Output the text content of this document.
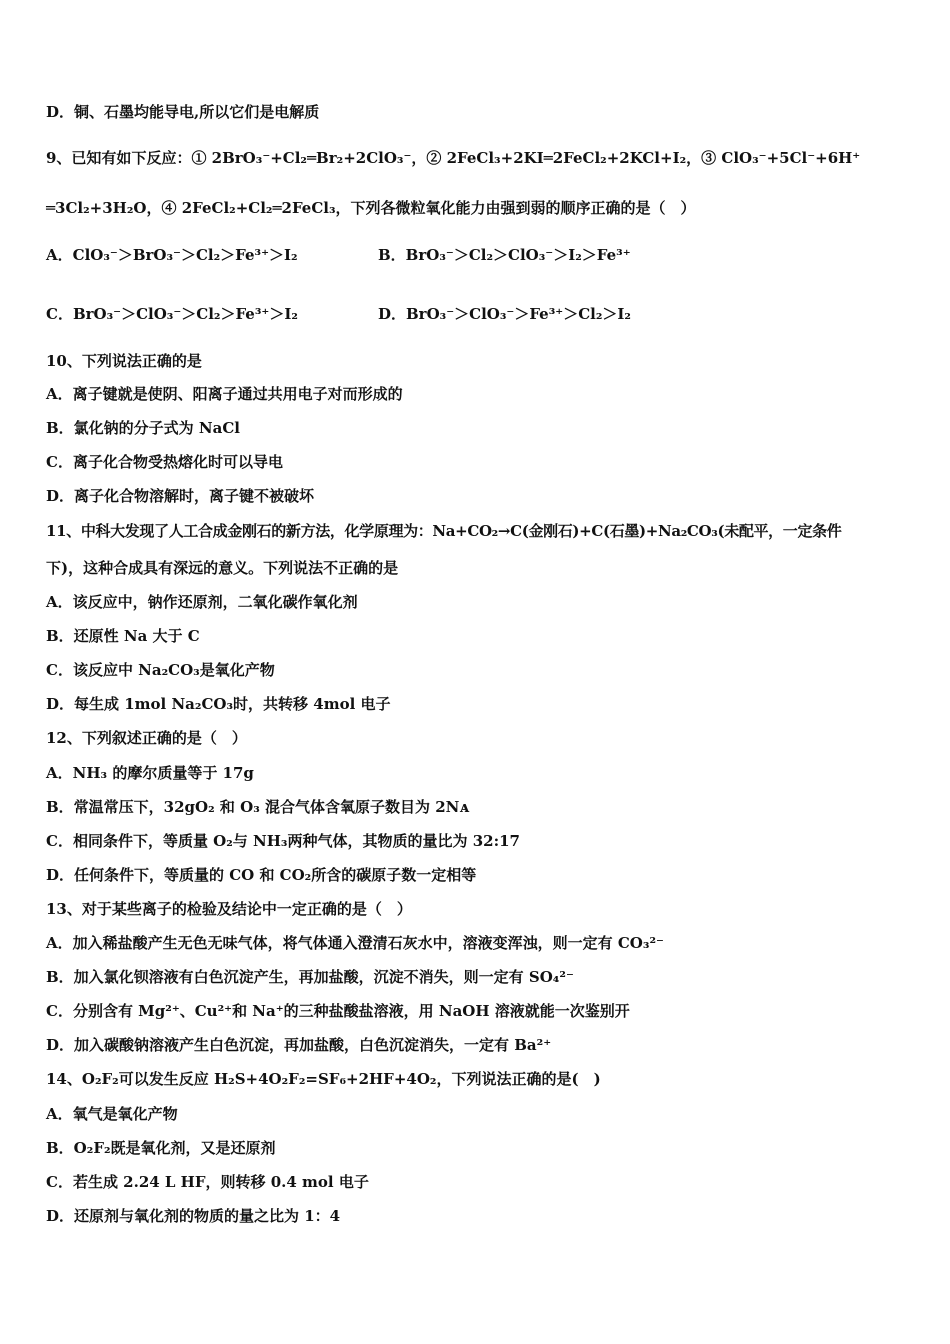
D．铜、石墨均能导电,所以它们是电解质
9、已知有如下反应：① 2BrO₃⁻+Cl₂═Br₂+2ClO₃⁻，② 2FeCl₃+2KI═2FeCl₂+2KCl+I₂，③ ClO₃⁻+5Cl⁻+6H⁺
═3Cl₂+3H₂O，④ 2FeCl₂+Cl₂═2FeCl₃，下列各微粒氧化能力由强到弱的顺序正确的是（　）
A．ClO₃⁻＞BrO₃⁻＞Cl₂＞Fe³⁺＞I₂	B．BrO₃⁻＞Cl₂＞ClO₃⁻＞I₂＞Fe³⁺
C．BrO₃⁻＞ClO₃⁻＞Cl₂＞Fe³⁺＞I₂	D．BrO₃⁻＞ClO₃⁻＞Fe³⁺＞Cl₂＞I₂
10、下列说法正确的是
A．离子键就是使阴、阳离子通过共用电子对而形成的
B．氯化钠的分子式为 NaCl
C．离子化合物受热熔化时可以导电
D．离子化合物溶解时，离子键不被破坏
11、中科大发现了人工合成金刚石的新方法，化学原理为：Na+CO₂→C(金刚石)+C(石墨)+Na₂CO₃(未配平，一定条件
下)，这种合成具有深远的意义。下列说法不正确的是
A．该反应中，钠作还原剂，二氧化碳作氧化剂
B．还原性 Na 大于 C
C．该反应中 Na₂CO₃是氧化产物
D．每生成 1mol Na₂CO₃时，共转移 4mol 电子
12、下列叙述正确的是（　）
A．NH₃ 的摩尔质量等于 17g
B．常温常压下，32gO₂ 和 O₃ 混合气体含氧原子数目为 2Nᴀ
C．相同条件下，等质量 O₂与 NH₃两种气体，其物质的量比为 32:17
D．任何条件下，等质量的 CO 和 CO₂所含的碳原子数一定相等
13、对于某些离子的检验及结论中一定正确的是（　）
A．加入稀盐酸产生无色无味气体，将气体通入澄清石灰水中，溶液变浑浊，则一定有 CO₃²⁻
B．加入氯化钡溶液有白色沉淀产生，再加盐酸，沉淀不消失，则一定有 SO₄²⁻
C．分别含有 Mg²⁺、Cu²⁺和 Na⁺的三种盐酸盐溶液，用 NaOH 溶液就能一次鉴别开
D．加入碳酸钠溶液产生白色沉淀，再加盐酸，白色沉淀消失，一定有 Ba²⁺
14、O₂F₂可以发生反应 H₂S+4O₂F₂=SF₆+2HF+4O₂，下列说法正确的是(　)
A．氧气是氧化产物
B．O₂F₂既是氧化剂，又是还原剂
C．若生成 2.24 L HF，则转移 0.4 mol 电子
D．还原剂与氧化剂的物质的量之比为 1：4
